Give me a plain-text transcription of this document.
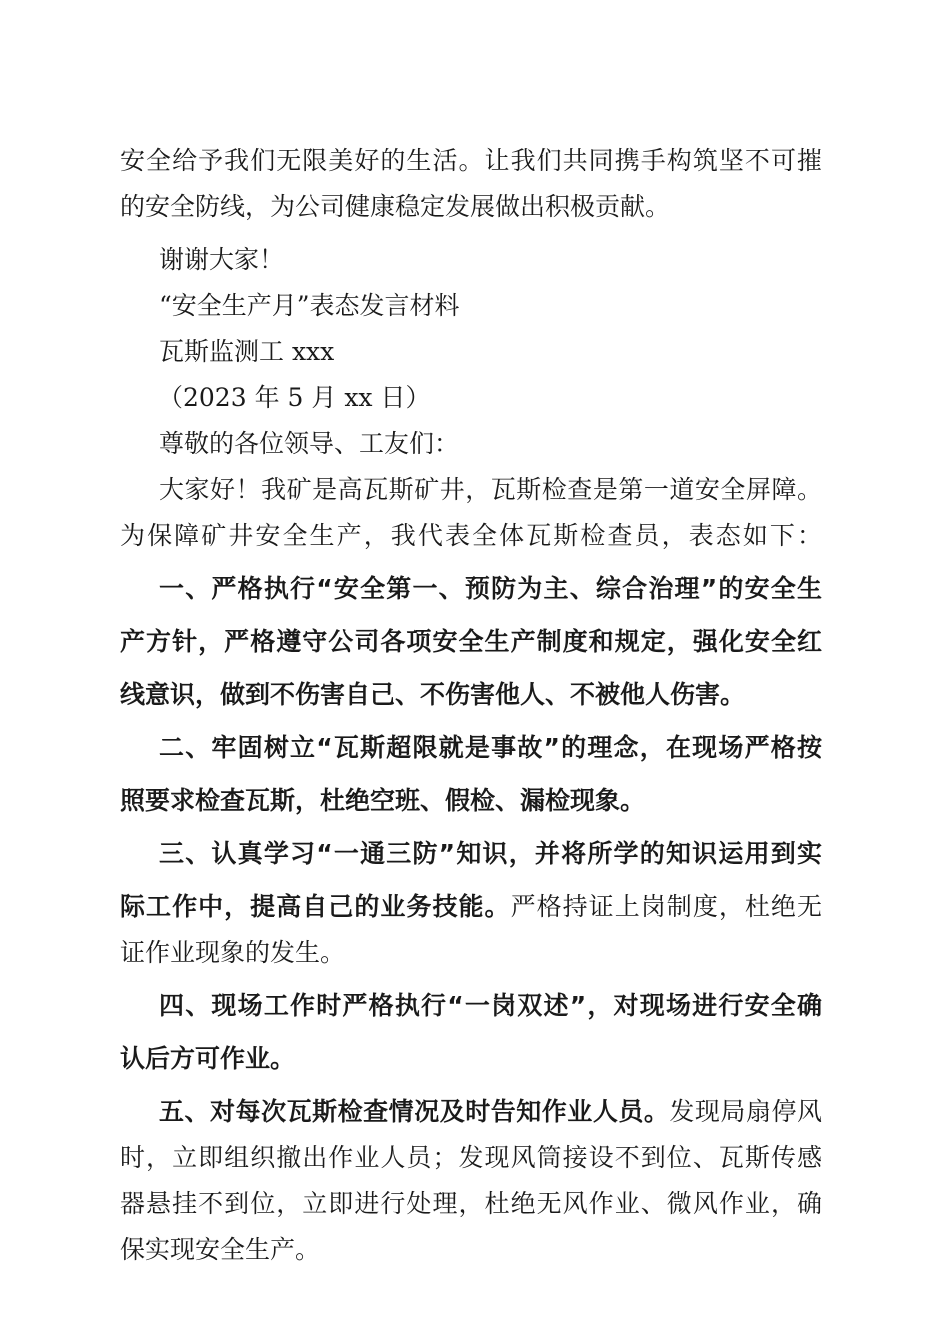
安全给予我们无限美好的生活。让我们共同携手构筑坚不可摧
的安全防线，为公司健康稳定发展做出积极贡献。
谢谢大家！
“安全生产月”表态发言材料
瓦斯监测工 xxx
（2023 年 5 月 xx 日）
尊敬的各位领导、工友们：
大家好！我矿是高瓦斯矿井，瓦斯检查是第一道安全屏障。
为保障矿井安全生产，我代表全体瓦斯检查员，表态如下：
一、严格执行“安全第一、预防为主、综合治理”的安全生
产方针，严格遵守公司各项安全生产制度和规定，强化安全红
线意识，做到不伤害自己、不伤害他人、不被他人伤害。
二、牢固树立“瓦斯超限就是事故”的理念，在现场严格按
照要求检查瓦斯，杜绝空班、假检、漏检现象。
三、认真学习“一通三防”知识，并将所学的知识运用到实
际工作中，提高自己的业务技能。严格持证上岗制度，杜绝无
证作业现象的发生。
四、现场工作时严格执行“一岗双述”，对现场进行安全确
认后方可作业。
五、对每次瓦斯检查情况及时告知作业人员。发现局扇停风
时，立即组织撤出作业人员；发现风筒接设不到位、瓦斯传感
器悬挂不到位，立即进行处理，杜绝无风作业、微风作业，确
保实现安全生产。
